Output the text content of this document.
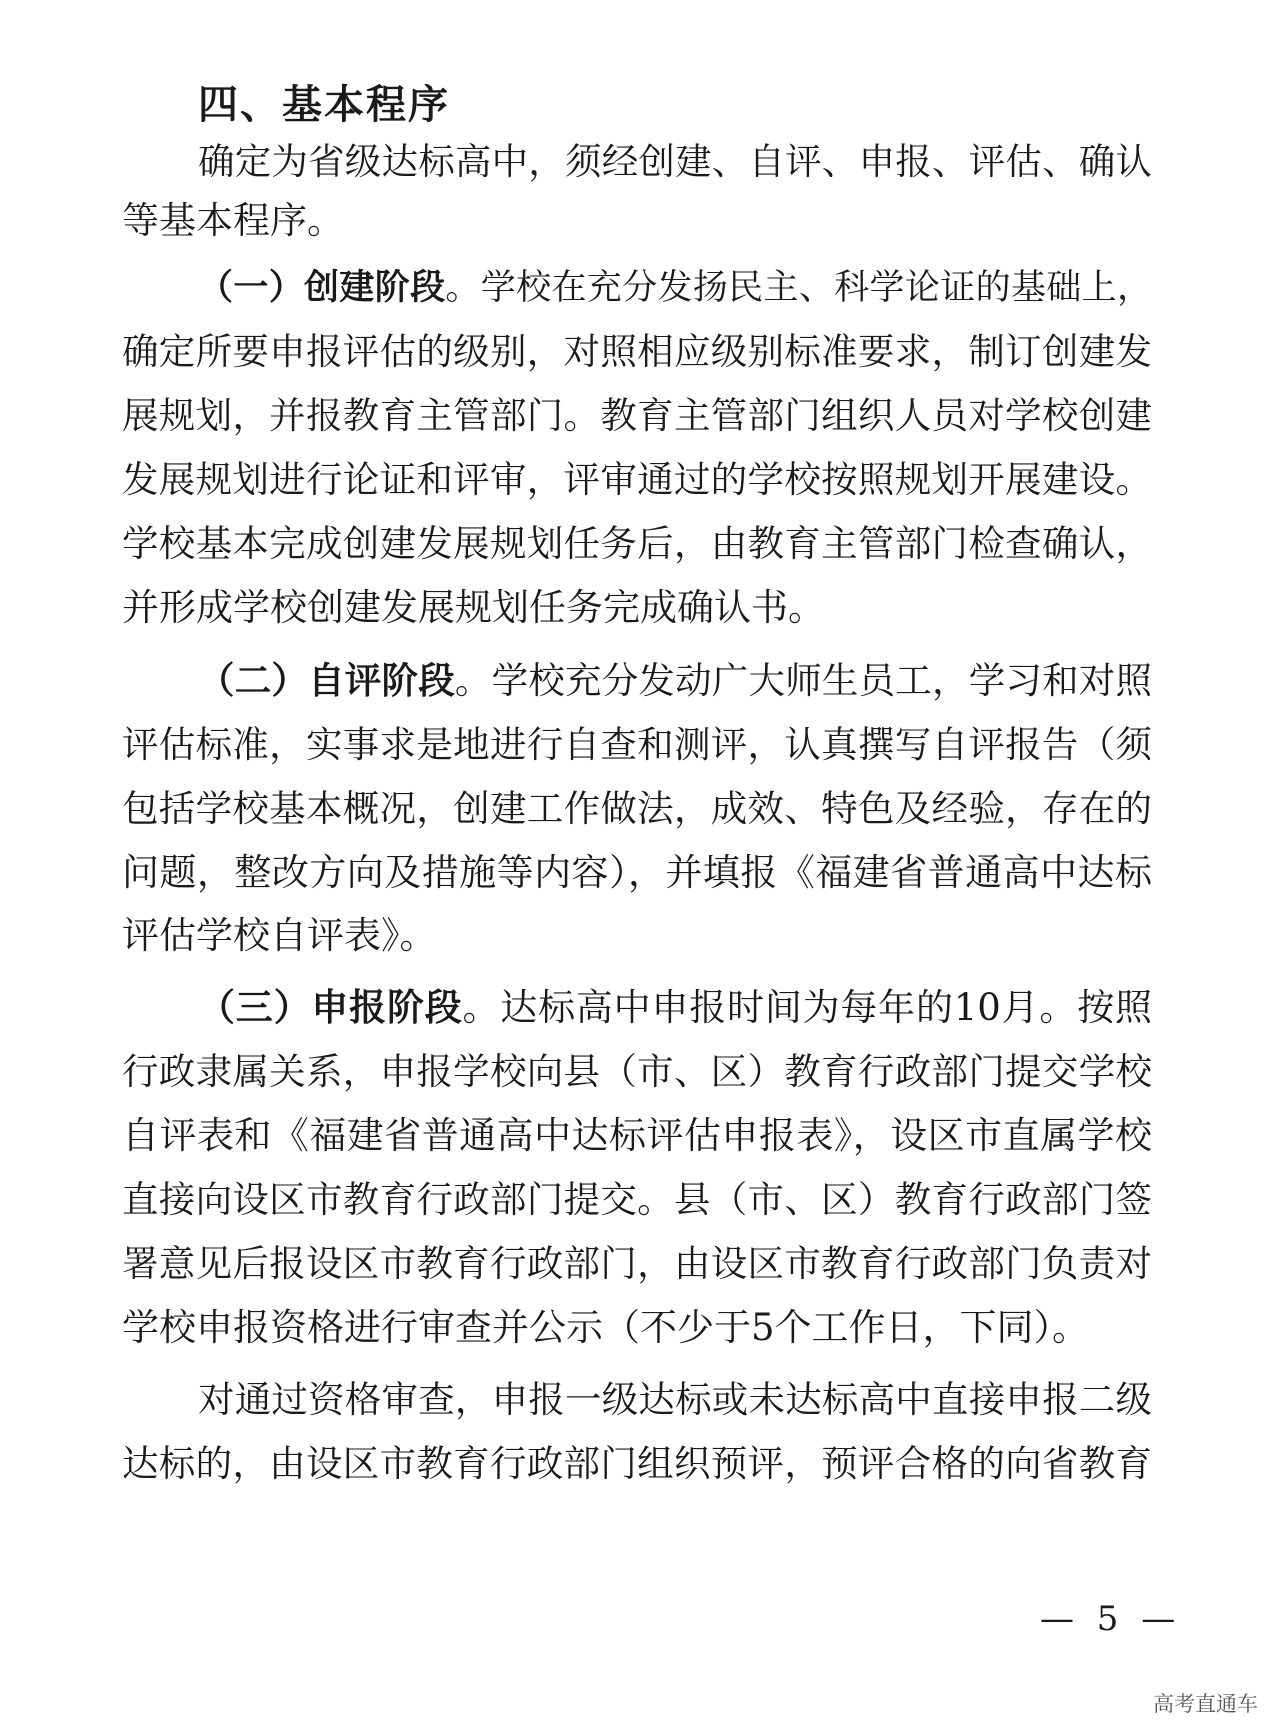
四、基本程序
确定为省级达标高中，须经创建、自评、申报、评估、确认
等基本程序。
（一）创建阶段。学校在充分发扬民主、科学论证的基础上，
确定所要申报评估的级别，对照相应级别标准要求，制订创建发
展规划，并报教育主管部门。教育主管部门组织人员对学校创建
发展规划进行论证和评审，评审通过的学校按照规划开展建设。
学校基本完成创建发展规划任务后，由教育主管部门检查确认，
并形成学校创建发展规划任务完成确认书。
（二）自评阶段。学校充分发动广大师生员工，学习和对照
评估标准，实事求是地进行自查和测评，认真撰写自评报告（须
包括学校基本概况，创建工作做法，成效、特色及经验，存在的
问题，整改方向及措施等内容），并填报《福建省普通高中达标
评估学校自评表》。
（三）申报阶段。达标高中申报时间为每年的10月。按照
行政隶属关系，申报学校向县（市、区）教育行政部门提交学校
自评表和《福建省普通高中达标评估申报表》，设区市直属学校
直接向设区市教育行政部门提交。县（市、区）教育行政部门签
署意见后报设区市教育行政部门，由设区市教育行政部门负责对
学校申报资格进行审查并公示（不少于5个工作日，下同）。
对通过资格审查，申报一级达标或未达标高中直接申报二级
达标的，由设区市教育行政部门组织预评，预评合格的向省教育
— 5 —
高考直通车
